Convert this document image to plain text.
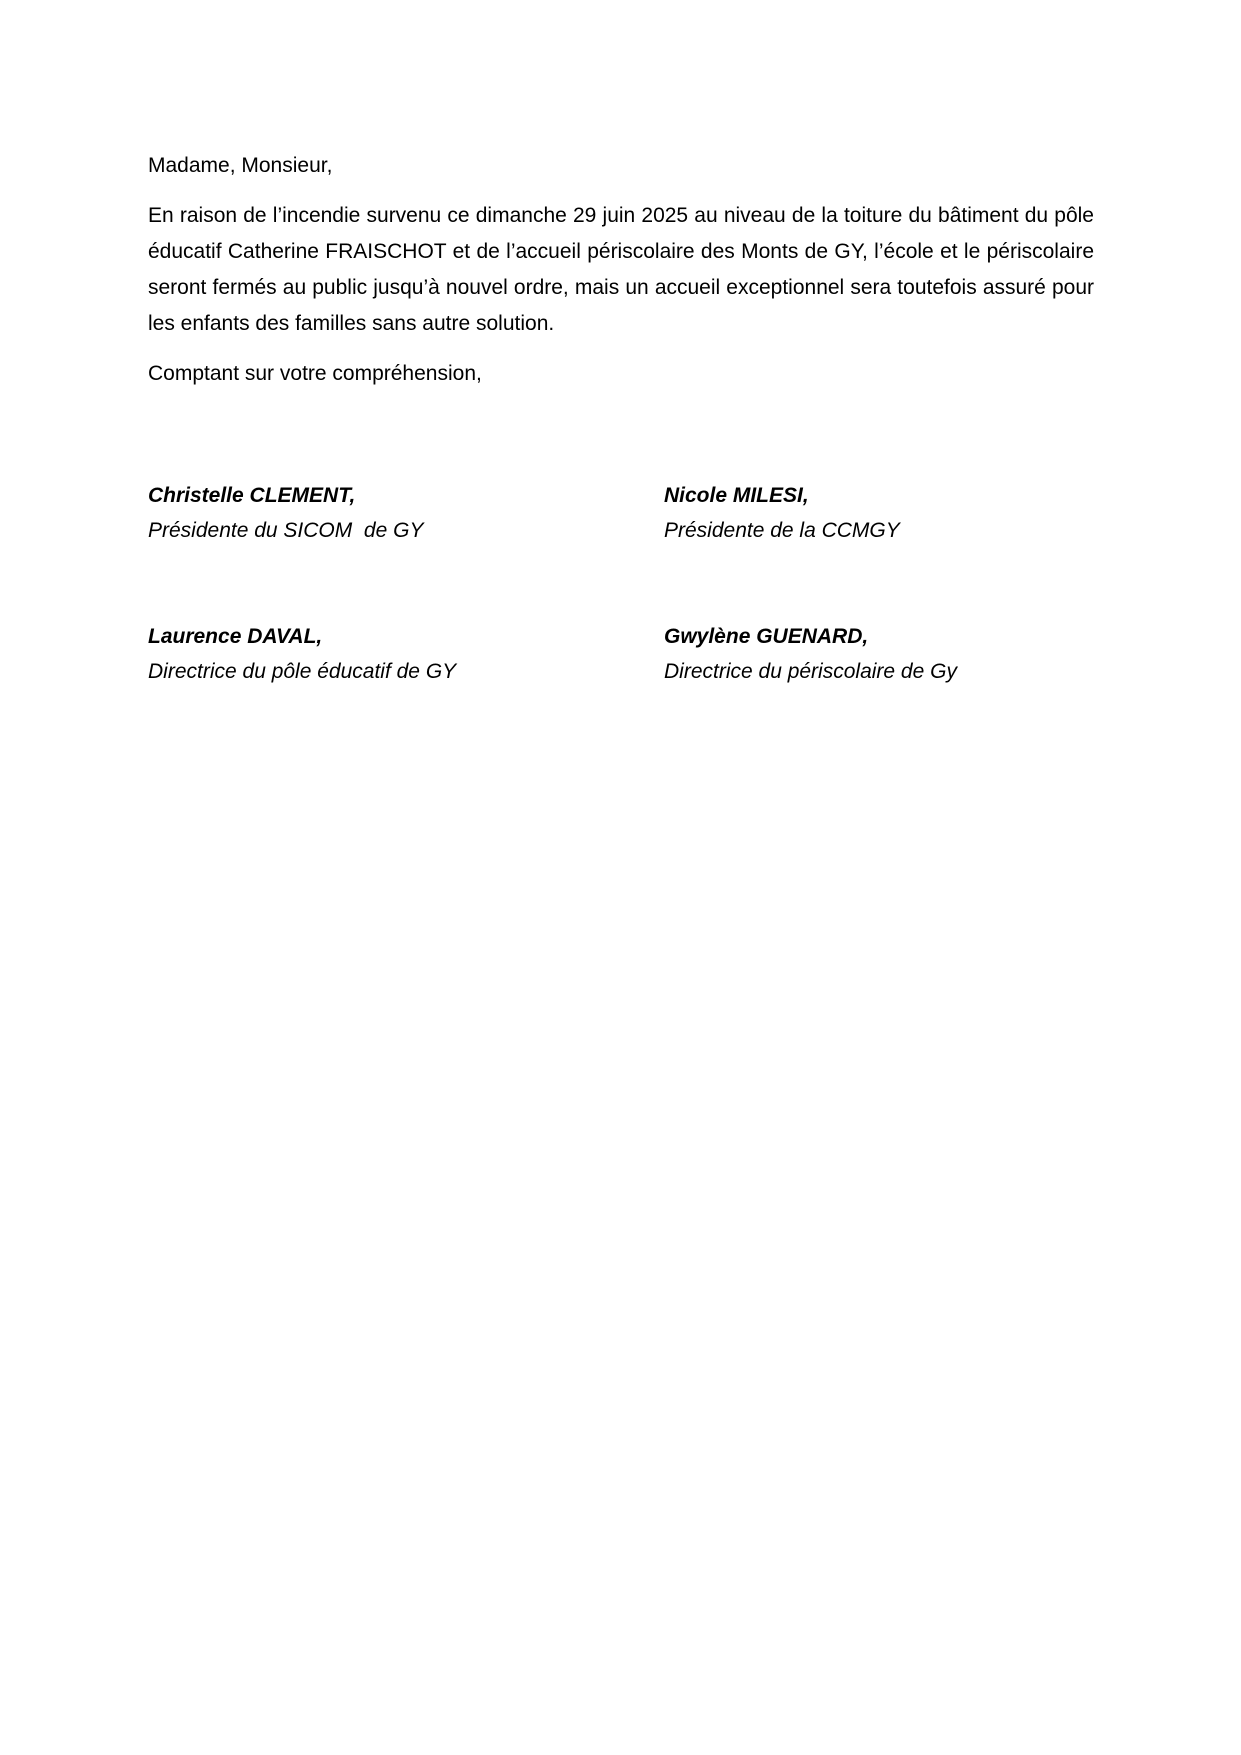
Madame, Monsieur,

En raison de l’incendie survenu ce dimanche 29 juin 2025 au niveau de la toiture du bâtiment du pôle éducatif Catherine FRAISCHOT et de l’accueil périscolaire des Monts de GY, l’école et le périscolaire seront fermés au public jusqu’à nouvel ordre, mais un accueil exceptionnel sera toutefois assuré pour les enfants des familles sans autre solution.

Comptant sur votre compréhension,

Christelle CLEMENT,
Présidente du SICOM  de GY
Nicole MILESI,
Présidente de la CCMGY
Laurence DAVAL,
Directrice du pôle éducatif de GY
Gwylène GUENARD,
Directrice du périscolaire de Gy
